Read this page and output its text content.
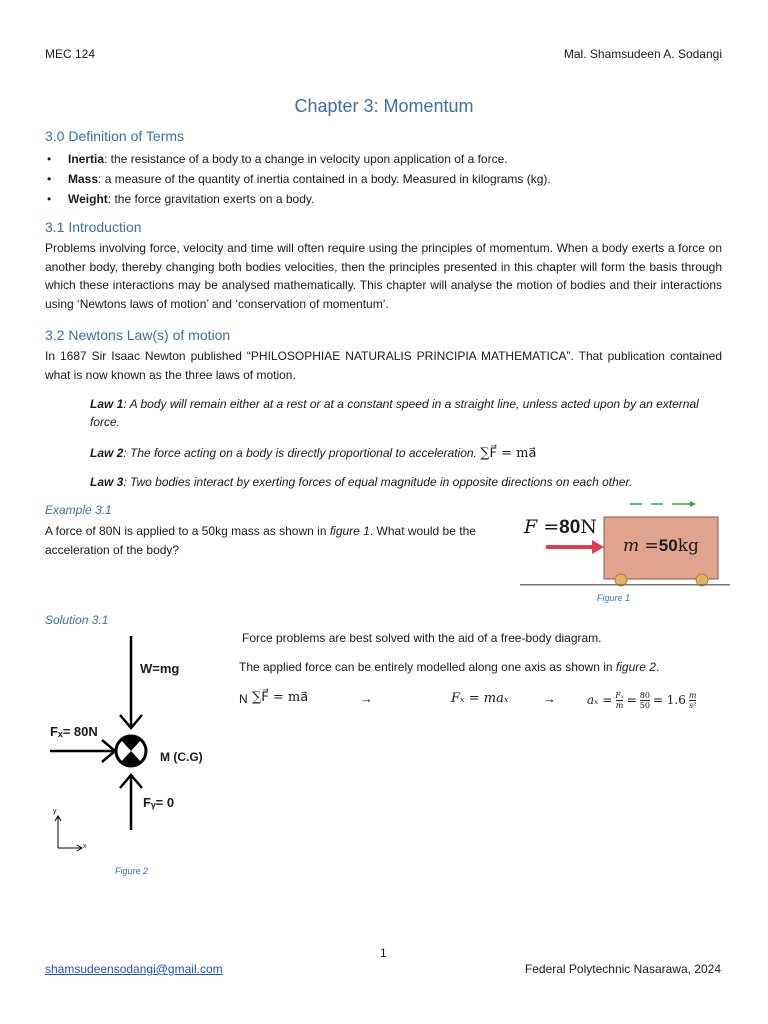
MEC 124	Mal. Shamsudeen A. Sodangi
Chapter 3: Momentum
3.0 Definition of Terms
• Inertia: the resistance of a body to a change in velocity upon application of a force.
• Mass: a measure of the quantity of inertia contained in a body. Measured in kilograms (kg).
• Weight: the force gravitation exerts on a body.
3.1 Introduction
Problems involving force, velocity and time will often require using the principles of momentum. When a body exerts a force on another body, thereby changing both bodies velocities, then the principles presented in this chapter will form the basis through which these interactions may be analysed mathematically. This chapter will analyse the motion of bodies and their interactions using ‘Newtons laws of motion’ and ‘conservation of momentum’.
3.2 Newtons Law(s) of motion
In 1687 Sir Isaac Newton published “PHILOSOPHIAE NATURALIS PRINCIPIA MATHEMATICA”. That publication contained what is now known as the three laws of motion.
Law 1: A body will remain either at a rest or at a constant speed in a straight line, unless acted upon by an external force.
Law 2: The force acting on a body is directly proportional to acceleration. ∑F⃗ = ma⃗
Law 3: Two bodies interact by exerting forces of equal magnitude in opposite directions on each other.
Example 3.1
A force of 80N is applied to a 50kg mass as shown in figure 1. What would be the acceleration of the body?
F =80N
m =50kg
Figure 1
Solution 3.1
Force problems are best solved with the aid of a free-body diagram.
The applied force can be entirely modelled along one axis as shown in figure 2.
N ∑F⃗ = ma⃗	→	Fₓ = maₓ	→	$a_x = \frac{\text{Fₓ}}{m} = \frac{80}{50} = 1.6 \frac{m}{\text{s²}}$
W=mg
Fₓ= 80N
M (C.G)
Fᵧ= 0
y
x
Figure 2
1
shamsudeensodangi@gmail.com	Federal Polytechnic Nasarawa, 2024
